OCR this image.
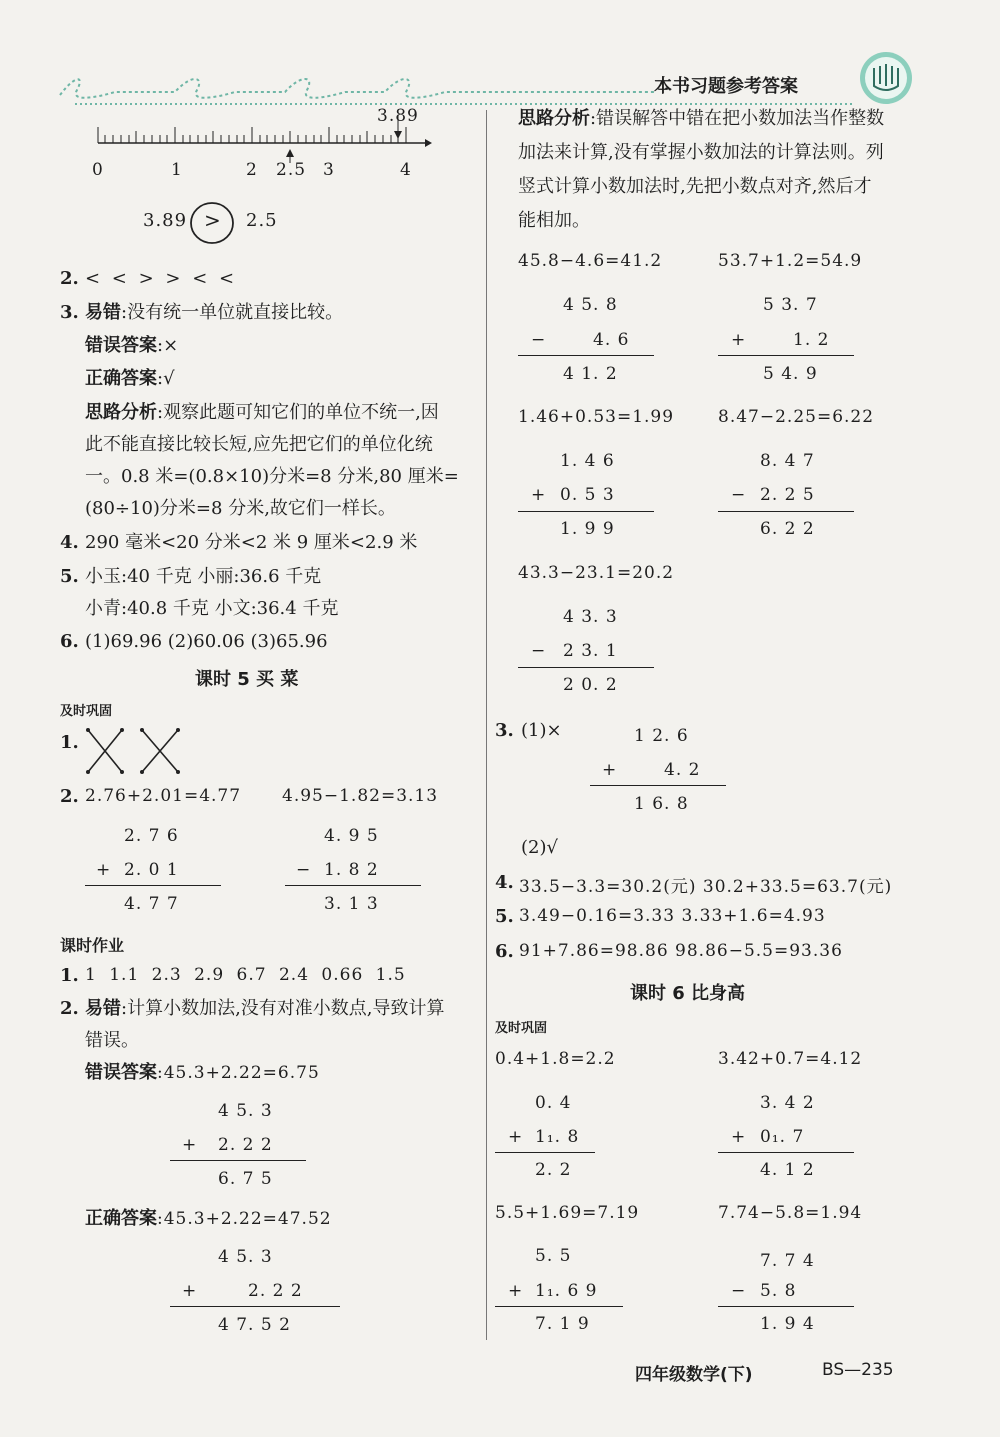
本书习题参考答案
3.89
0	1	2 2.5 3	4
3.89 > 2.5
2. < < > > < <
3. 易错:没有统一单位就直接比较。
错误答案:×
正确答案:√
思路分析:观察此题可知它们的单位不统一,因
此不能直接比较长短,应先把它们的单位化统
一。0.8 米=(0.8×10)分米=8 分米,80 厘米=
(80÷10)分米=8 分米,故它们一样长。
4. 290 毫米<20 分米<2 米 9 厘米<2.9 米
5. 小玉:40 千克 小丽:36.6 千克
小青:40.8 千克 小文:36.4 千克
6. (1)69.96 (2)60.06 (3)65.96
课时 5 买 菜
及时巩固
1.
2. 2.76+2.01=4.77 4.95−1.82=3.13
2. 7 6
+ 2. 0 1
4. 7 7
4. 9 5
− 1. 8 2
3. 1 3
课时作业
1. 1 1.1 2.3 2.9 6.7 2.4 0.66 1.5
2. 易错:计算小数加法,没有对准小数点,导致计算
错误。
错误答案:45.3+2.22=6.75
4 5. 3
+ 2. 2 2
6. 7 5
正确答案:45.3+2.22=47.52
4 5. 3
+	2. 2 2
4 7. 5 2
思路分析:错误解答中错在把小数加法当作整数
加法来计算,没有掌握小数加法的计算法则。列
竖式计算小数加法时,先把小数点对齐,然后才
能相加。
45.8−4.6=41.2	53.7+1.2=54.9
4 5. 8
−	4. 6
4 1. 2
5 3. 7
+	1. 2
5 4. 9
1.46+0.53=1.99	8.47−2.25=6.22
1. 4 6
+ 0. 5 3
1. 9 9
8. 4 7
− 2. 2 5
6. 2 2
43.3−23.1=20.2
4 3. 3
− 2 3. 1
2 0. 2
3. (1)×	1 2. 6
+	4. 2
1 6. 8
(2)√
4. 33.5−3.3=30.2(元) 30.2+33.5=63.7(元)
5. 3.49−0.16=3.33 3.33+1.6=4.93
6. 91+7.86=98.86 98.86−5.5=93.36
课时 6 比身高
及时巩固
0.4+1.8=2.2	3.42+0.7=4.12
0. 4
+ 1₁. 8
2. 2
3. 4 2
+ 0₁. 7
4. 1 2
5.5+1.69=7.19	7.74−5.8=1.94
5. 5
+ 1₁. 6 9
7. 1 9
7. 7 4
− 5. 8
1. 9 4
四年级数学(下)	BS—235
